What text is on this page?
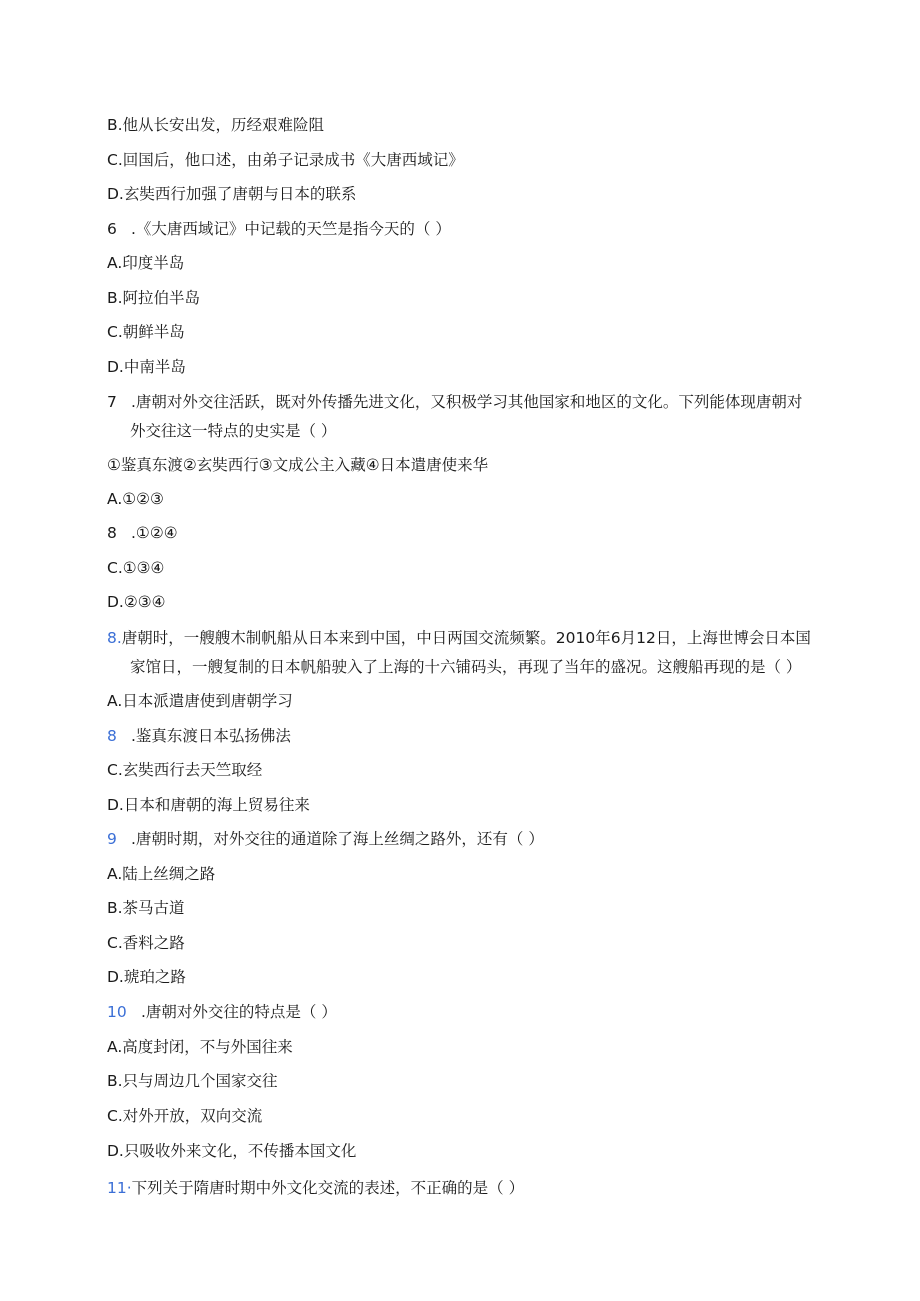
B.他从长安出发，历经艰难险阻
C.回国后，他口述，由弟子记录成书《大唐西域记》
D.玄奘西行加强了唐朝与日本的联系
6 .《大唐西域记》中记载的天竺是指今天的（ ）
A.印度半岛
B.阿拉伯半岛
C.朝鲜半岛
D.中南半岛
7 .唐朝对外交往活跃，既对外传播先进文化，又积极学习其他国家和地区的文化。下列能体现唐朝对
外交往这一特点的史实是（ ）
①鉴真东渡②玄奘西行③文成公主入藏④日本遣唐使来华
A.①②③
8 .①②④
C.①③④
D.②③④
8.唐朝时，一艘艘木制帆船从日本来到中国，中日两国交流频繁。2010年6月12日，上海世博会日本国
家馆日，一艘复制的日本帆船驶入了上海的十六铺码头，再现了当年的盛况。这艘船再现的是（ ）
A.日本派遣唐使到唐朝学习
8 .鉴真东渡日本弘扬佛法
C.玄奘西行去天竺取经
D.日本和唐朝的海上贸易往来
9 .唐朝时期，对外交往的通道除了海上丝绸之路外，还有（ ）
A.陆上丝绸之路
B.茶马古道
C.香料之路
D.琥珀之路
10 .唐朝对外交往的特点是（ ）
A.高度封闭，不与外国往来
B.只与周边几个国家交往
C.对外开放，双向交流
D.只吸收外来文化，不传播本国文化
11·下列关于隋唐时期中外文化交流的表述，不正确的是（ ）
